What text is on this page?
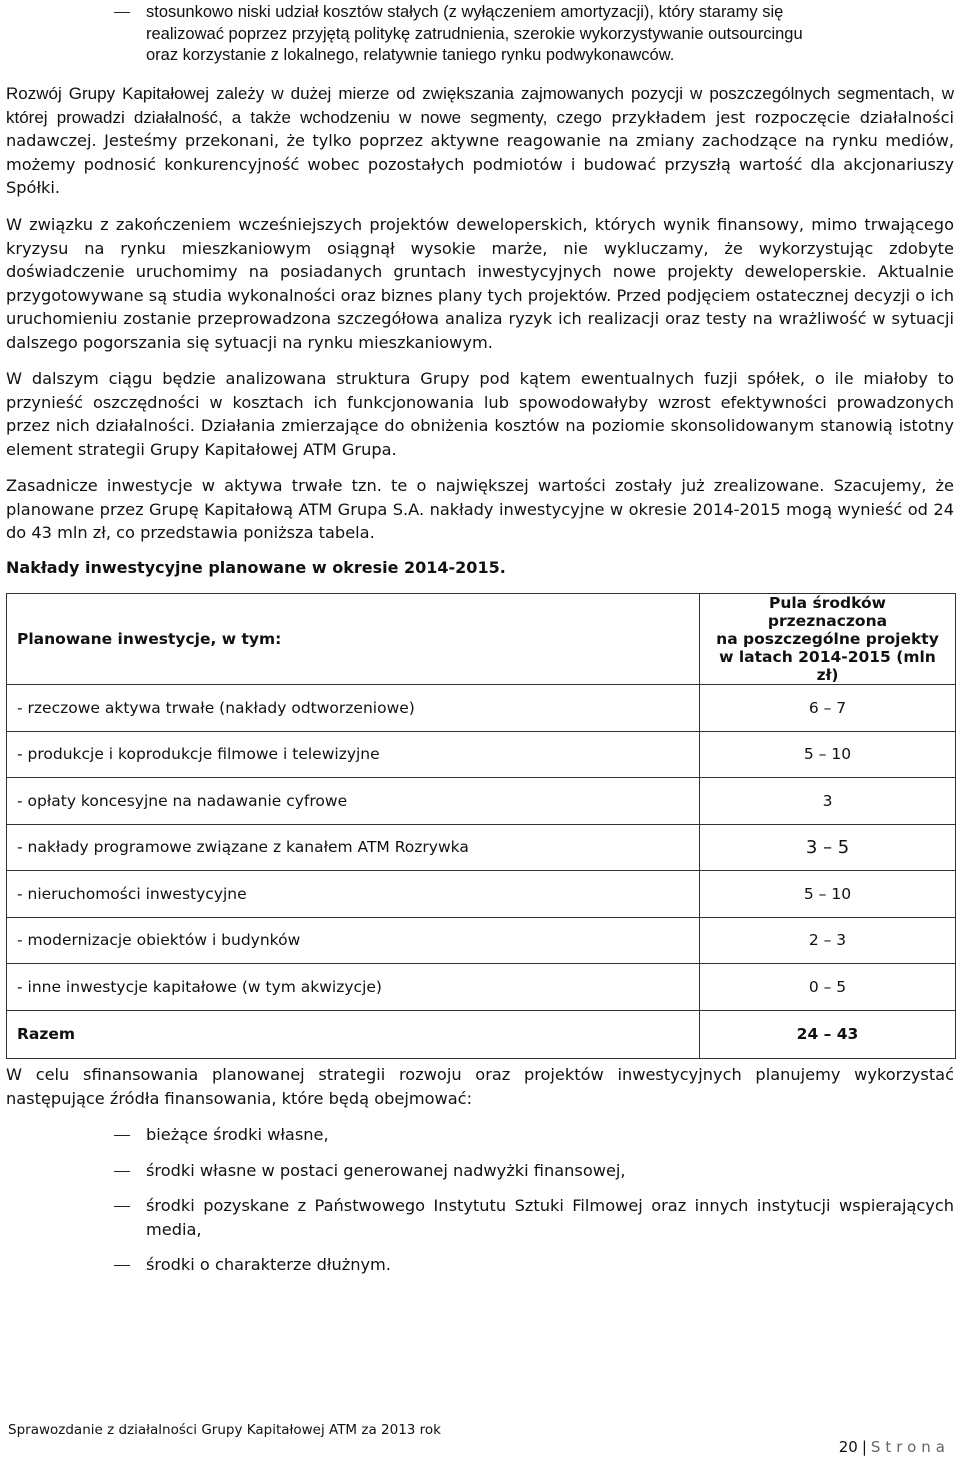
stosunkowo niski udział kosztów stałych (z wyłączeniem amortyzacji), który staramy się
realizować poprzez przyjętą politykę zatrudnienia, szerokie wykorzystywanie outsourcingu
oraz korzystanie z lokalnego, relatywnie taniego rynku podwykonawców.

Rozwój Grupy Kapitałowej zależy w dużej mierze od zwiększania zajmowanych pozycji w poszczególnych segmentach, w której prowadzi działalność, a także wchodzeniu w nowe segmenty, czego przykładem jest rozpoczęcie działalności nadawczej. Jesteśmy przekonani, że tylko poprzez aktywne reagowanie na zmiany zachodzące na rynku mediów, możemy podnosić konkurencyjność wobec pozostałych podmiotów i budować przyszłą wartość dla akcjonariuszy Spółki.

W związku z zakończeniem wcześniejszych projektów deweloperskich, których wynik finansowy, mimo trwającego kryzysu na rynku mieszkaniowym osiągnął wysokie marże, nie wykluczamy, że wykorzystując zdobyte doświadczenie uruchomimy na posiadanych gruntach inwestycyjnych nowe projekty deweloperskie. Aktualnie przygotowywane są studia wykonalności oraz biznes plany tych projektów. Przed podjęciem ostatecznej decyzji o ich uruchomieniu zostanie przeprowadzona szczegółowa analiza ryzyk ich realizacji oraz testy na wrażliwość w sytuacji dalszego pogorszania się sytuacji na rynku mieszkaniowym.

W dalszym ciągu będzie analizowana struktura Grupy pod kątem ewentualnych fuzji spółek, o ile miałoby to przynieść oszczędności w kosztach ich funkcjonowania lub spowodowałyby wzrost efektywności prowadzonych przez nich działalności. Działania zmierzające do obniżenia kosztów na poziomie skonsolidowanym stanowią istotny element strategii Grupy Kapitałowej ATM Grupa.

Zasadnicze inwestycje w aktywa trwałe tzn. te o największej wartości zostały już zrealizowane. Szacujemy, że planowane przez Grupę Kapitałową ATM Grupa S.A. nakłady inwestycyjne w okresie 2014-2015 mogą wynieść od 24 do 43 mln zł, co przedstawia poniższa tabela.

Nakłady inwestycyjne planowane w okresie 2014-2015.

Planowane inwestycje, w tym:	Pula środków przeznaczona
na poszczególne projekty
w latach 2014-2015 (mln zł)

- rzeczowe aktywa trwałe (nakłady odtworzeniowe)	6 – 7
- produkcje i koprodukcje filmowe i telewizyjne	5 – 10
- opłaty koncesyjne na nadawanie cyfrowe	3
- nakłady programowe związane z kanałem ATM Rozrywka	3 – 5
- nieruchomości inwestycyjne	5 – 10
- modernizacje obiektów i budynków	2 – 3
- inne inwestycje kapitałowe (w tym akwizycje)	0 – 5
Razem	24 – 43

W celu sfinansowania planowanej strategii rozwoju oraz projektów inwestycyjnych planujemy wykorzystać następujące źródła finansowania, które będą obejmować:

bieżące środki własne,
środki własne w postaci generowanej nadwyżki finansowej,
środki pozyskane z Państwowego Instytutu Sztuki Filmowej oraz innych instytucji wspierających media,
środki o charakterze dłużnym.
Sprawozdanie z działalności Grupy Kapitałowej ATM za 2013 rok
20 | Strona
